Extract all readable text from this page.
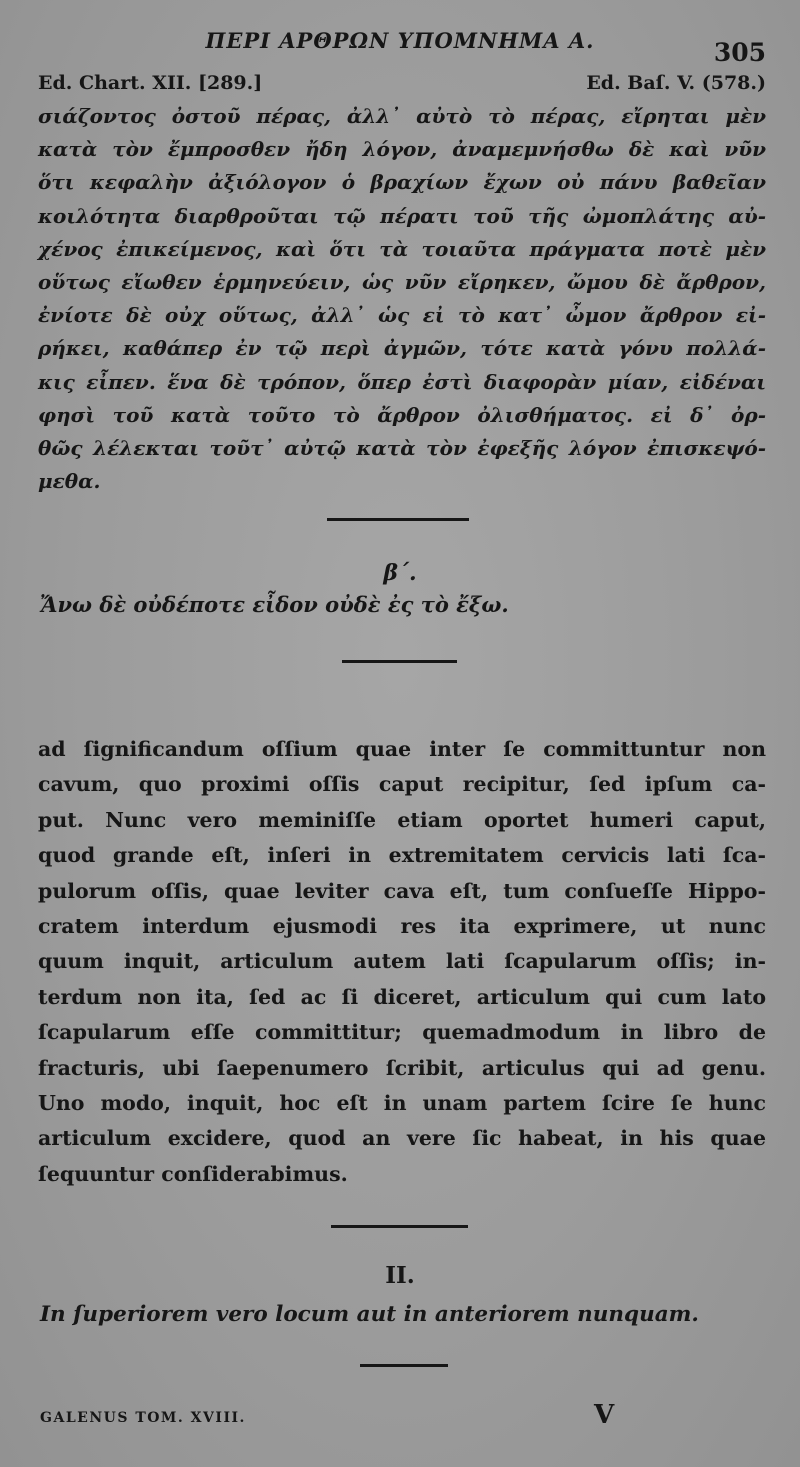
ΠΕΡΙ ΑΡΘΡΩΝ ΥΠΟΜΝΗΜΑ Α.	305
Ed. Chart. XII. [289.]	Ed. Baſ. V. (578.)
σιάζοντος ὀστοῦ πέρας, ἀλλ᾽ αὐτὸ τὸ πέρας, εἴρηται μὲν
κατὰ τὸν ἔμπροσθεν ἤδη λόγον, ἀναμεμνήσθω δὲ καὶ νῦν
ὅτι κεφαλὴν ἀξιόλογον ὁ βραχίων ἔχων οὐ πάνυ βαθεῖαν
κοιλότητα διαρθροῦται τῷ πέρατι τοῦ τῆς ὠμοπλάτης αὐ-
χένος ἐπικείμενος, καὶ ὅτι τὰ τοιαῦτα πράγματα ποτὲ μὲν
οὕτως εἴωθεν ἑρμηνεύειν, ὡς νῦν εἴρηκεν, ὤμου δὲ ἄρθρον,
ἐνίοτε δὲ οὐχ οὕτως, ἀλλ᾽ ὡς εἰ τὸ κατ᾽ ὦμον ἄρθρον εἰ-
ρήκει, καθάπερ ἐν τῷ περὶ ἀγμῶν, τότε κατὰ γόνυ πολλά-
κις εἶπεν. ἕνα δὲ τρόπον, ὅπερ ἐστὶ διαφορὰν μίαν, εἰδέναι
φησὶ τοῦ κατὰ τοῦτο τὸ ἄρθρον ὀλισθήματος. εἰ δ᾽ ὀρ-
θῶς λέλεκται τοῦτ᾽ αὐτῷ κατὰ τὸν ἐφεξῆς λόγον ἐπισκεψό-
μεθα.
β΄.
Ἄνω δὲ οὐδέποτε εἶδον οὐδὲ ἐς τὸ ἔξω.
ad ſignificandum oſſium quae inter ſe committuntur non
cavum, quo proximi oſſis caput recipitur, ſed ipſum ca-
put. Nunc vero meminiſſe etiam oportet humeri caput,
quod grande eſt, inſeri in extremitatem cervicis lati ſca-
pulorum oſſis, quae leviter cava eſt, tum conſueſſe Hippo-
cratem interdum ejusmodi res ita exprimere, ut nunc
quum inquit, articulum autem lati ſcapularum oſſis; in-
terdum non ita, ſed ac ſi diceret, articulum qui cum lato
ſcapularum eſſe committitur; quemadmodum in libro de
fracturis, ubi ſaepenumero ſcribit, articulus qui ad genu.
Uno modo, inquit, hoc eſt in unam partem ſcire ſe hunc
articulum excidere, quod an vere ſic habeat, in his quae
ſequuntur conſiderabimus.
II.
In ſuperiorem vero locum aut in anteriorem nunquam.
GALENUS TOM. XVIII.	V
